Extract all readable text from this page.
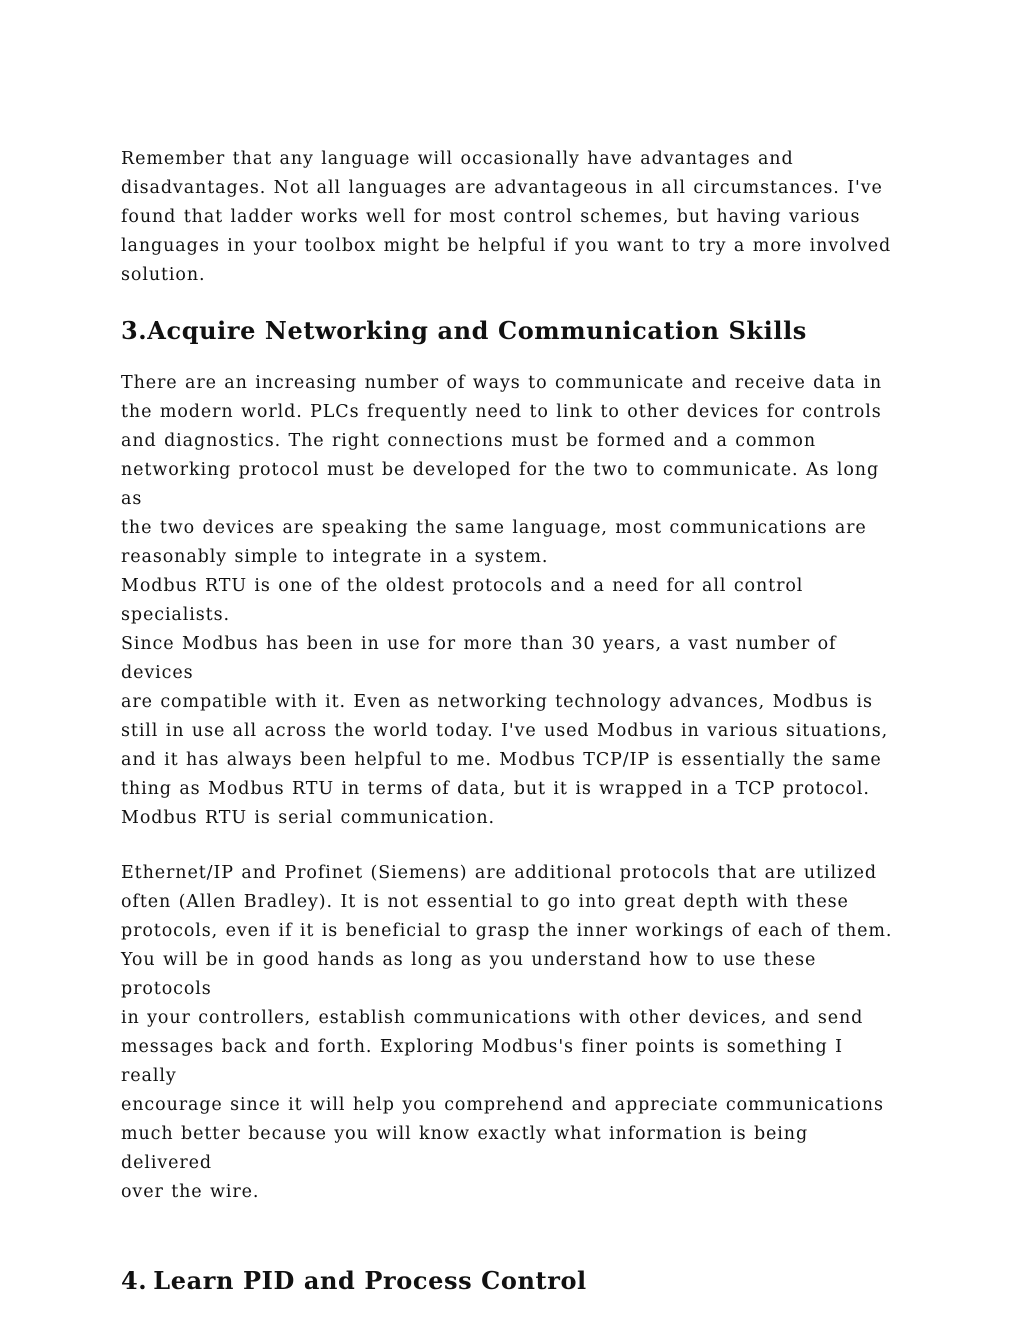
Remember that any language will occasionally have advantages and
disadvantages. Not all languages are advantageous in all circumstances. I've
found that ladder works well for most control schemes, but having various
languages in your toolbox might be helpful if you want to try a more involved
solution.

3.Acquire Networking and Communication Skills

There are an increasing number of ways to communicate and receive data in
the modern world. PLCs frequently need to link to other devices for controls
and diagnostics. The right connections must be formed and a common
networking protocol must be developed for the two to communicate. As long as
the two devices are speaking the same language, most communications are
reasonably simple to integrate in a system.

Modbus RTU is one of the oldest protocols and a need for all control specialists.
Since Modbus has been in use for more than 30 years, a vast number of devices
are compatible with it. Even as networking technology advances, Modbus is
still in use all across the world today. I've used Modbus in various situations,
and it has always been helpful to me. Modbus TCP/IP is essentially the same
thing as Modbus RTU in terms of data, but it is wrapped in a TCP protocol.
Modbus RTU is serial communication.

Ethernet/IP and Profinet (Siemens) are additional protocols that are utilized
often (Allen Bradley). It is not essential to go into great depth with these
protocols, even if it is beneficial to grasp the inner workings of each of them.
You will be in good hands as long as you understand how to use these protocols
in your controllers, establish communications with other devices, and send
messages back and forth. Exploring Modbus's finer points is something I really
encourage since it will help you comprehend and appreciate communications
much better because you will know exactly what information is being delivered
over the wire.

4. Learn PID and Process Control
